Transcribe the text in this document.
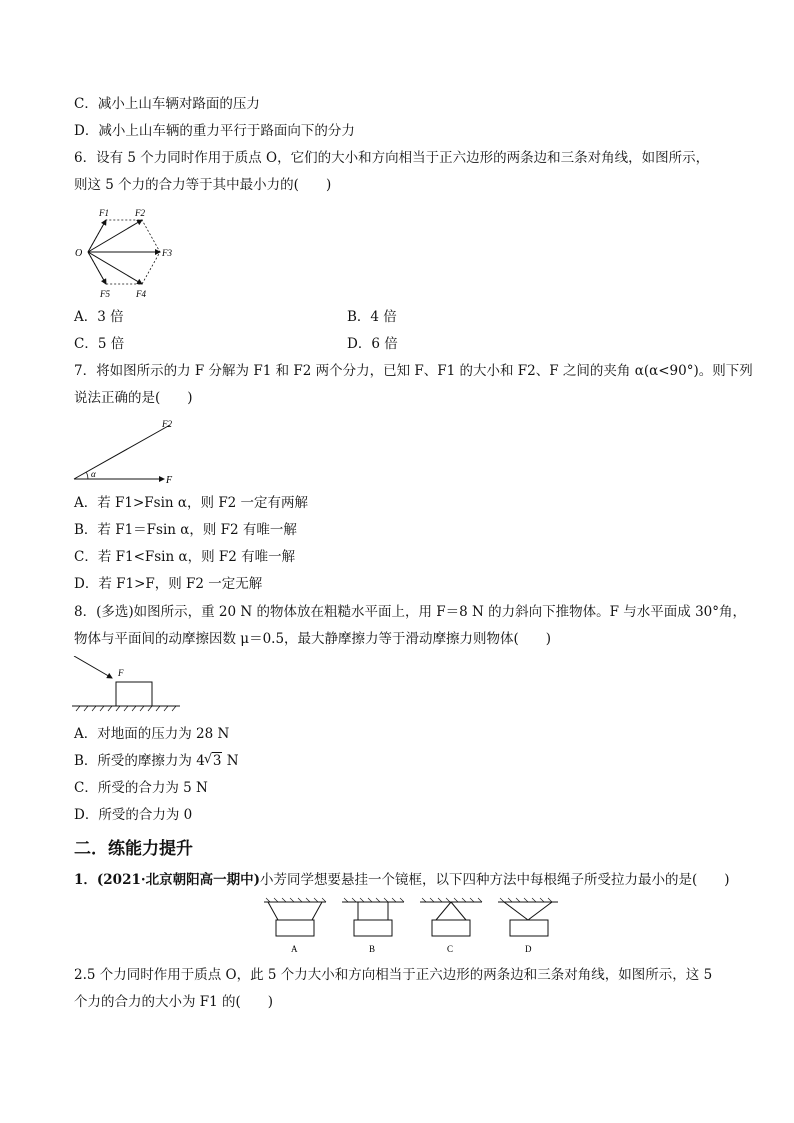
C．减小上山车辆对路面的压力
D．减小上山车辆的重力平行于路面向下的分力
6．设有 5 个力同时作用于质点 O，它们的大小和方向相当于正六边形的两条边和三条对角线，如图所示，
则这 5 个力的合力等于其中最小力的(　　)
O
F1	F2
F3
F4
F5
A．3 倍	B．4 倍
C．5 倍	D．6 倍
7．将如图所示的力 F 分解为 F1 和 F2 两个分力，已知 F、F1 的大小和 F2、F 之间的夹角 α(α<90°)。则下列
说法正确的是(　　)
F2
α
F
A．若 F1>Fsin α，则 F2 一定有两解
B．若 F1＝Fsin α，则 F2 有唯一解
C．若 F1<Fsin α，则 F2 有唯一解
D．若 F1>F，则 F2 一定无解
8．(多选)如图所示，重 20 N 的物体放在粗糙水平面上，用 F＝8 N 的力斜向下推物体。F 与水平面成 30°角，
物体与平面间的动摩擦因数 μ＝0.5，最大静摩擦力等于滑动摩擦力则物体(　　)
F
A．对地面的压力为 28 N
B．所受的摩擦力为 4√ 3 N
C．所受的合力为 5 N
D．所受的合力为 0
二．练能力提升
1．(2021·北京朝阳高一期中)小芳同学想要悬挂一个镜框，以下四种方法中每根绳子所受拉力最小的是(　　)
A	B	C	D
2.5 个力同时作用于质点 O，此 5 个力大小和方向相当于正六边形的两条边和三条对角线，如图所示，这 5
个力的合力的大小为 F1 的(　　)
